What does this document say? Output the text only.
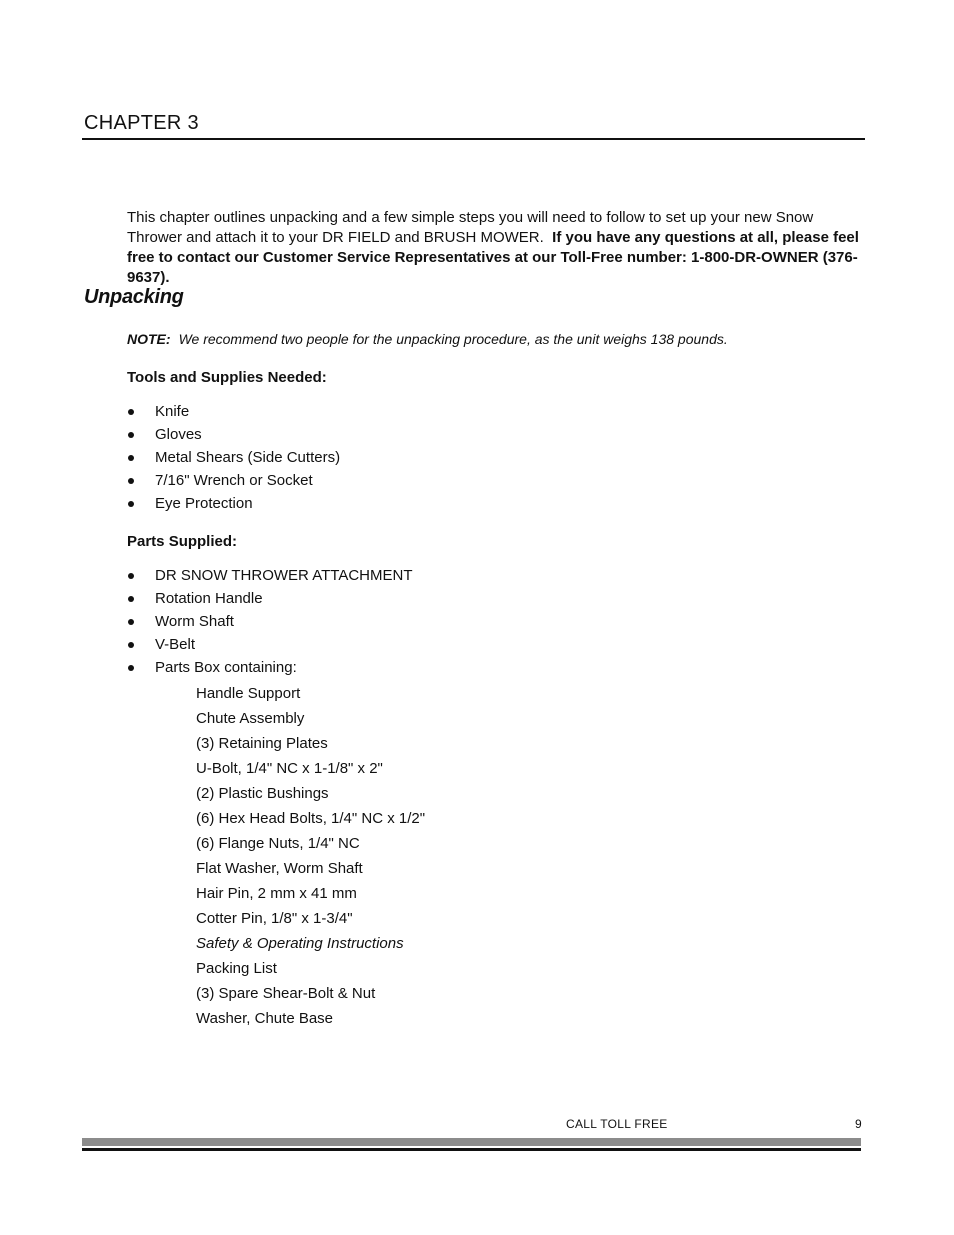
CHAPTER 3

This chapter outlines unpacking and a few simple steps you will need to follow to set up your new Snow Thrower and attach it to your DR FIELD and BRUSH MOWER. If you have any questions at all, please feel free to contact our Customer Service Representatives at our Toll-Free number: 1-800-DR-OWNER (376-9637).

Unpacking

NOTE: We recommend two people for the unpacking procedure, as the unit weighs 138 pounds.

Tools and Supplies Needed:
Knife
Gloves
Metal Shears (Side Cutters)
7/16" Wrench or Socket
Eye Protection
Parts Supplied:
DR SNOW THROWER ATTACHMENT
Rotation Handle
Worm Shaft
V-Belt
Parts Box containing:
Handle Support
Chute Assembly
(3) Retaining Plates
U-Bolt, 1/4" NC x 1-1/8" x 2"
(2) Plastic Bushings
(6) Hex Head Bolts, 1/4" NC x 1/2"
(6) Flange Nuts, 1/4" NC
Flat Washer, Worm Shaft
Hair Pin, 2 mm x 41 mm
Cotter Pin, 1/8" x 1-3/4"
Safety & Operating Instructions
Packing List
(3) Spare Shear-Bolt & Nut
Washer, Chute Base
CALL TOLL FREE	9
